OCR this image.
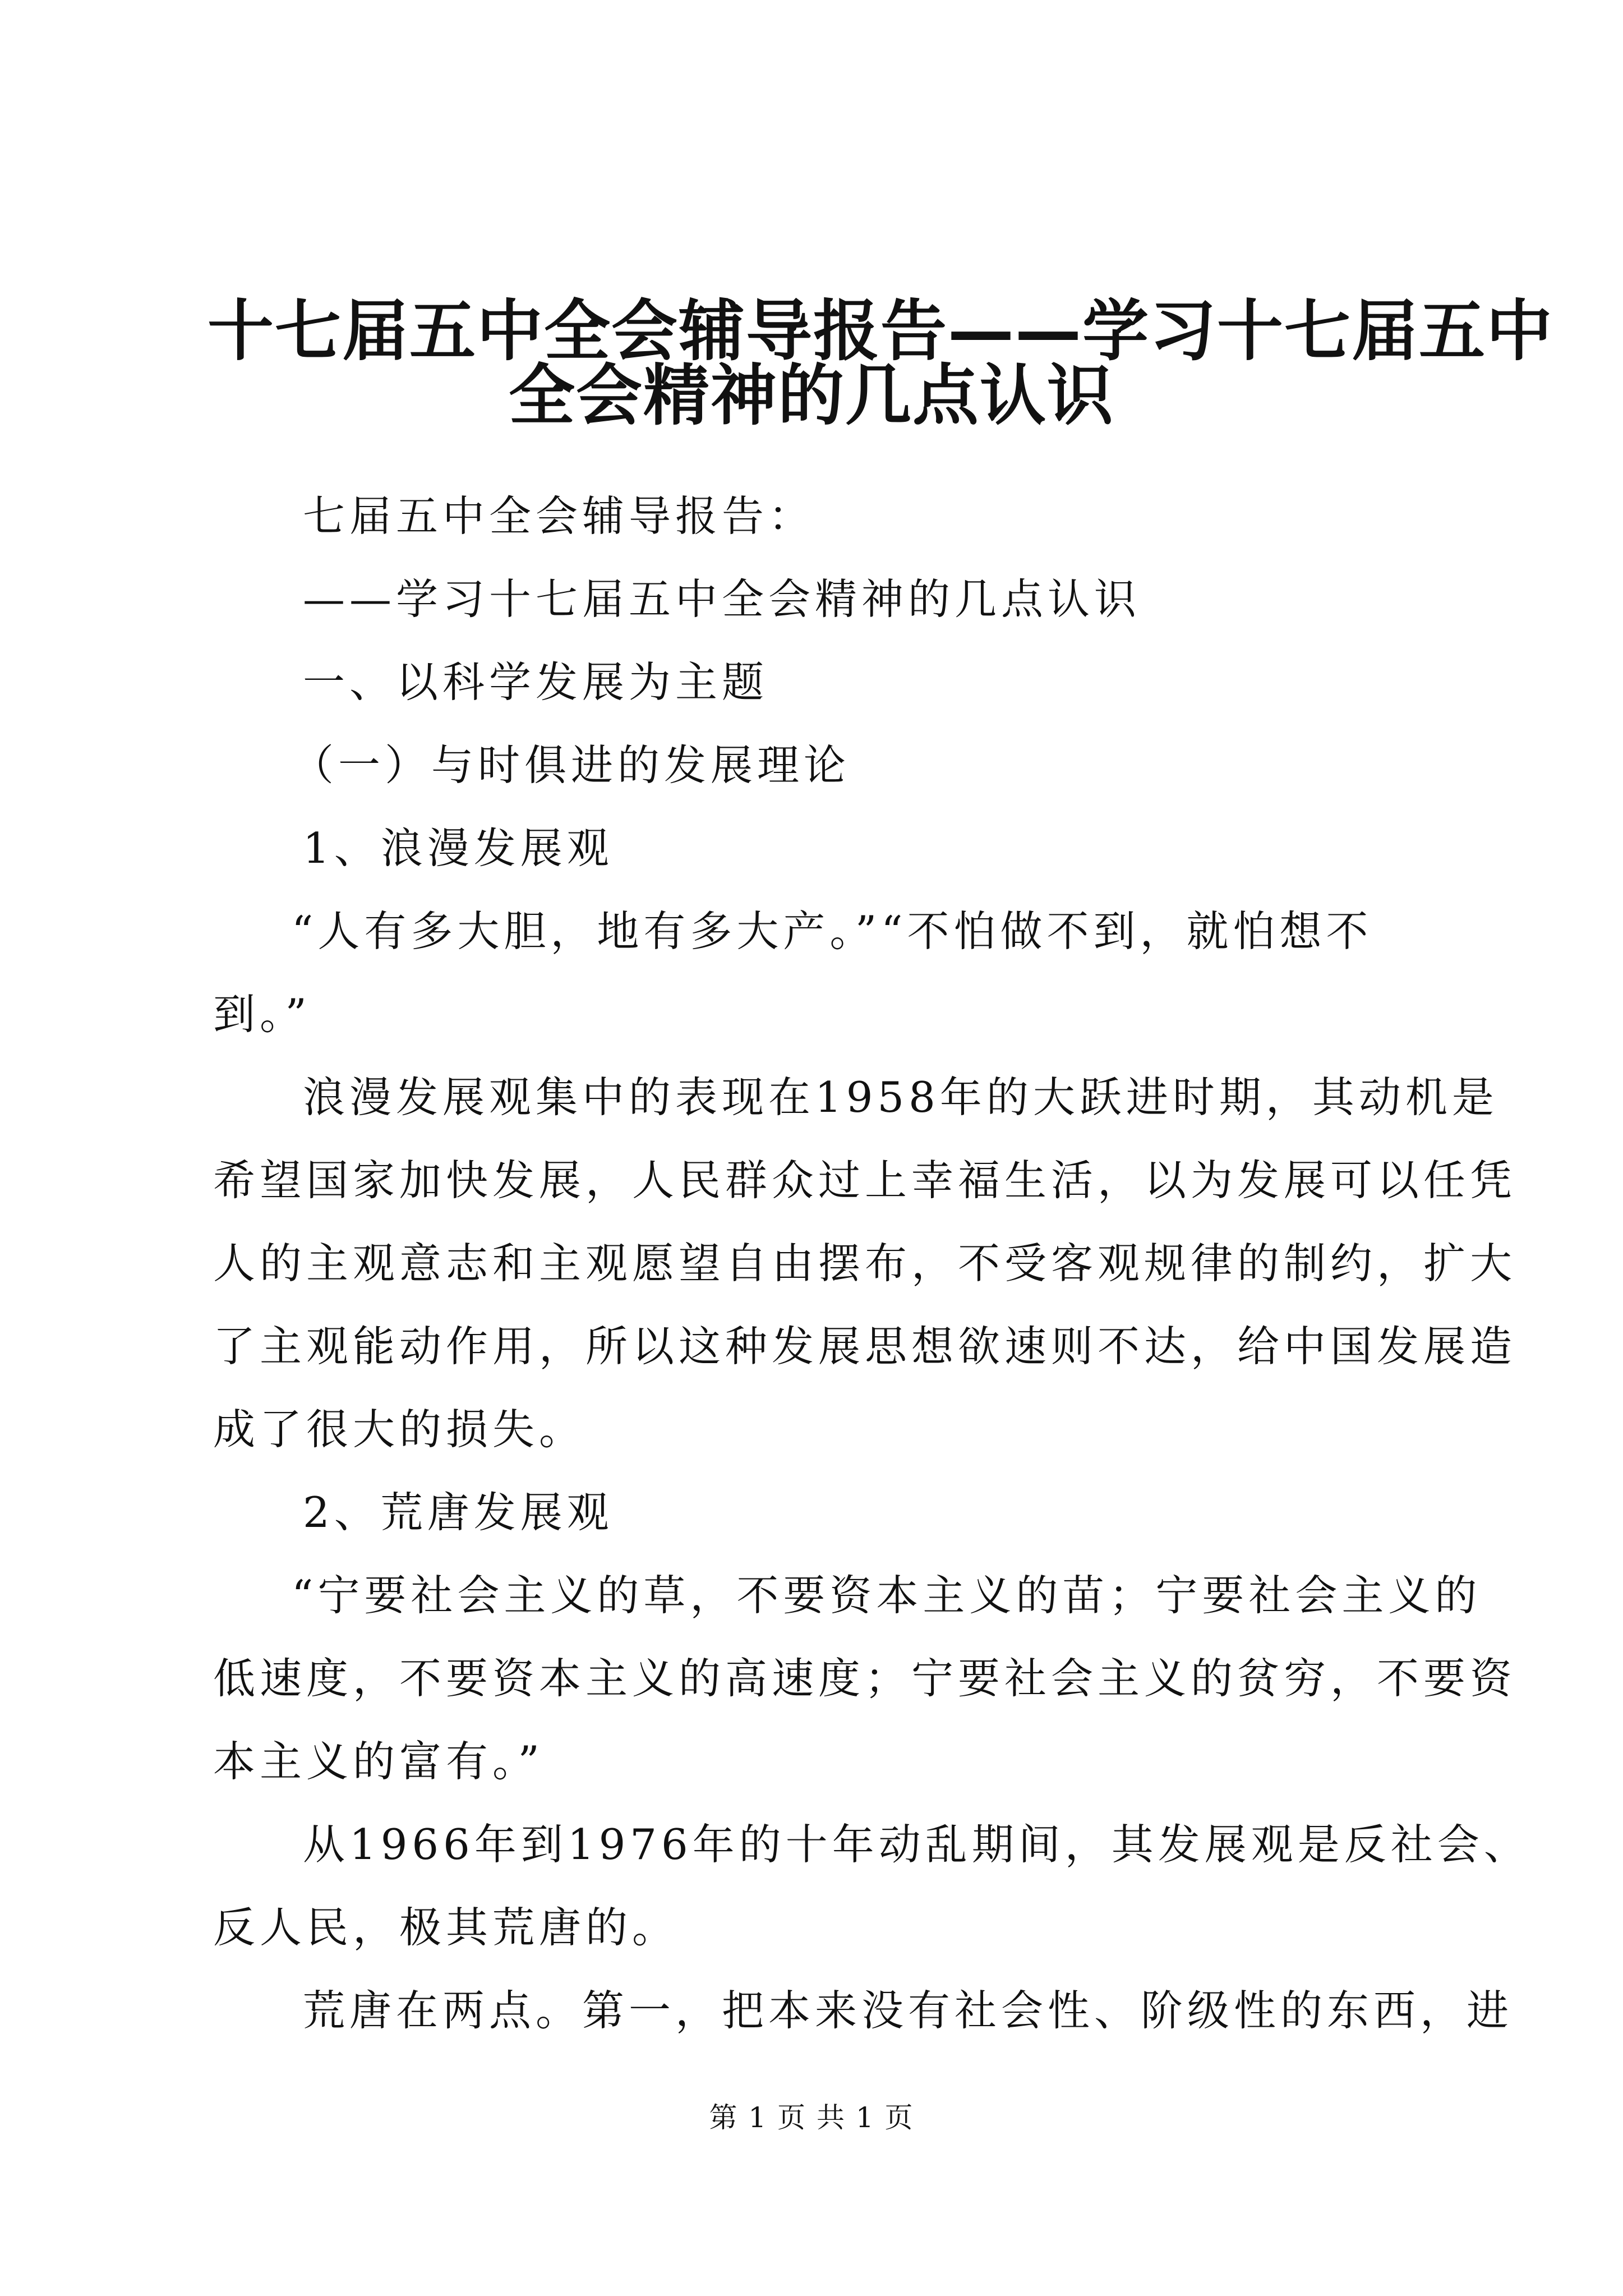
十七届五中全会辅导报告——学习十七届五中
全会精神的几点认识

七届五中全会辅导报告：

——学习十七届五中全会精神的几点认识

一、以科学发展为主题

（一）与时俱进的发展理论

1、浪漫发展观

“人有多大胆，地有多大产。”“不怕做不到，就怕想不

到。”

浪漫发展观集中的表现在1958年的大跃进时期，其动机是

希望国家加快发展，人民群众过上幸福生活，以为发展可以任凭

人的主观意志和主观愿望自由摆布，不受客观规律的制约，扩大

了主观能动作用，所以这种发展思想欲速则不达，给中国发展造

成了很大的损失。

2、荒唐发展观

“宁要社会主义的草，不要资本主义的苗；宁要社会主义的

低速度，不要资本主义的高速度；宁要社会主义的贫穷，不要资

本主义的富有。”

从1966年到1976年的十年动乱期间，其发展观是反社会、

反人民，极其荒唐的。

荒唐在两点。第一，把本来没有社会性、阶级性的东西，进

第 1 页 共 1 页
